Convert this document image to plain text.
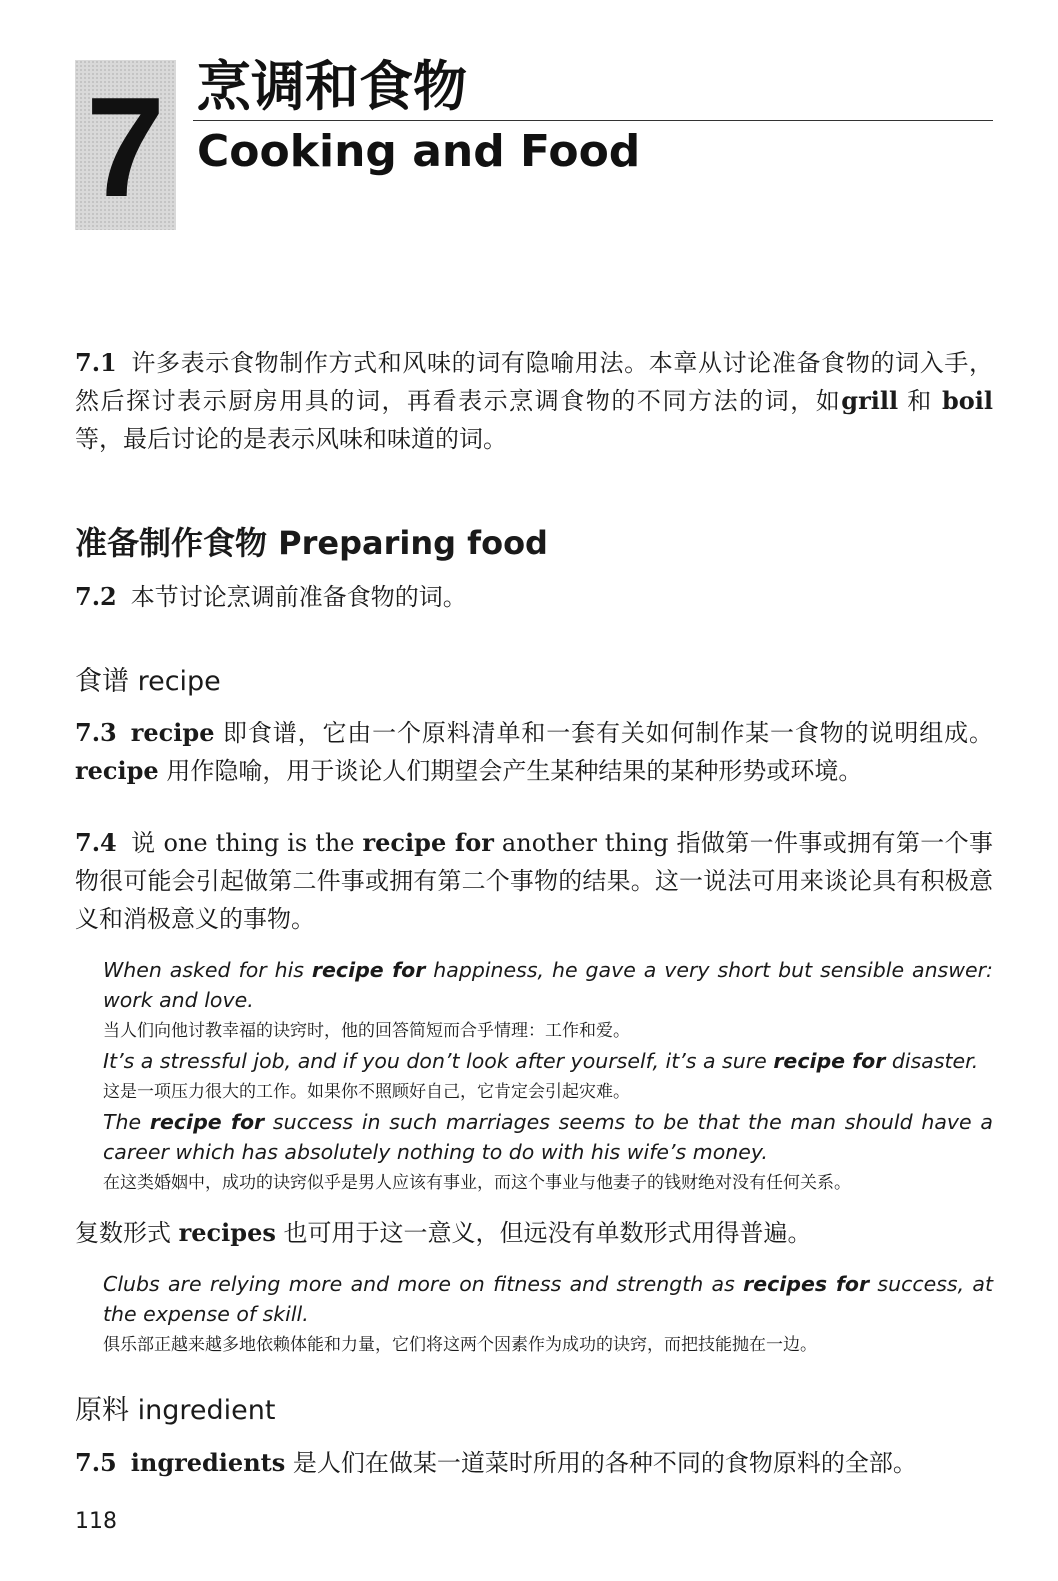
7 烹调和食物
Cooking and Food

7.1 许多表示食物制作方式和风味的词有隐喻用法。本章从讨论准备食物的词入手，然后探讨表示厨房用具的词，再看表示烹调食物的不同方法的词，如grill 和 boil 等，最后讨论的是表示风味和味道的词。

准备制作食物 Preparing food

7.2 本节讨论烹调前准备食物的词。

食谱 recipe

7.3 recipe 即食谱，它由一个原料清单和一套有关如何制作某一食物的说明组成。recipe 用作隐喻，用于谈论人们期望会产生某种结果的某种形势或环境。

7.4 说 one thing is the recipe for another thing 指做第一件事或拥有第一个事物很可能会引起做第二件事或拥有第二个事物的结果。这一说法可用来谈论具有积极意义和消极意义的事物。

When asked for his recipe for happiness, he gave a very short but sensible answer: work and love.

当人们向他讨教幸福的诀窍时，他的回答简短而合乎情理：工作和爱。

It’s a stressful job, and if you don’t look after yourself, it’s a sure recipe for disaster.

这是一项压力很大的工作。如果你不照顾好自己，它肯定会引起灾难。

The recipe for success in such marriages seems to be that the man should have a career which has absolutely nothing to do with his wife’s money.

在这类婚姻中，成功的诀窍似乎是男人应该有事业，而这个事业与他妻子的钱财绝对没有任何关系。

复数形式 recipes 也可用于这一意义，但远没有单数形式用得普遍。

Clubs are relying more and more on fitness and strength as recipes for success, at the expense of skill.

俱乐部正越来越多地依赖体能和力量，它们将这两个因素作为成功的诀窍，而把技能抛在一边。

原料 ingredient

7.5 ingredients 是人们在做某一道菜时所用的各种不同的食物原料的全部。

118
